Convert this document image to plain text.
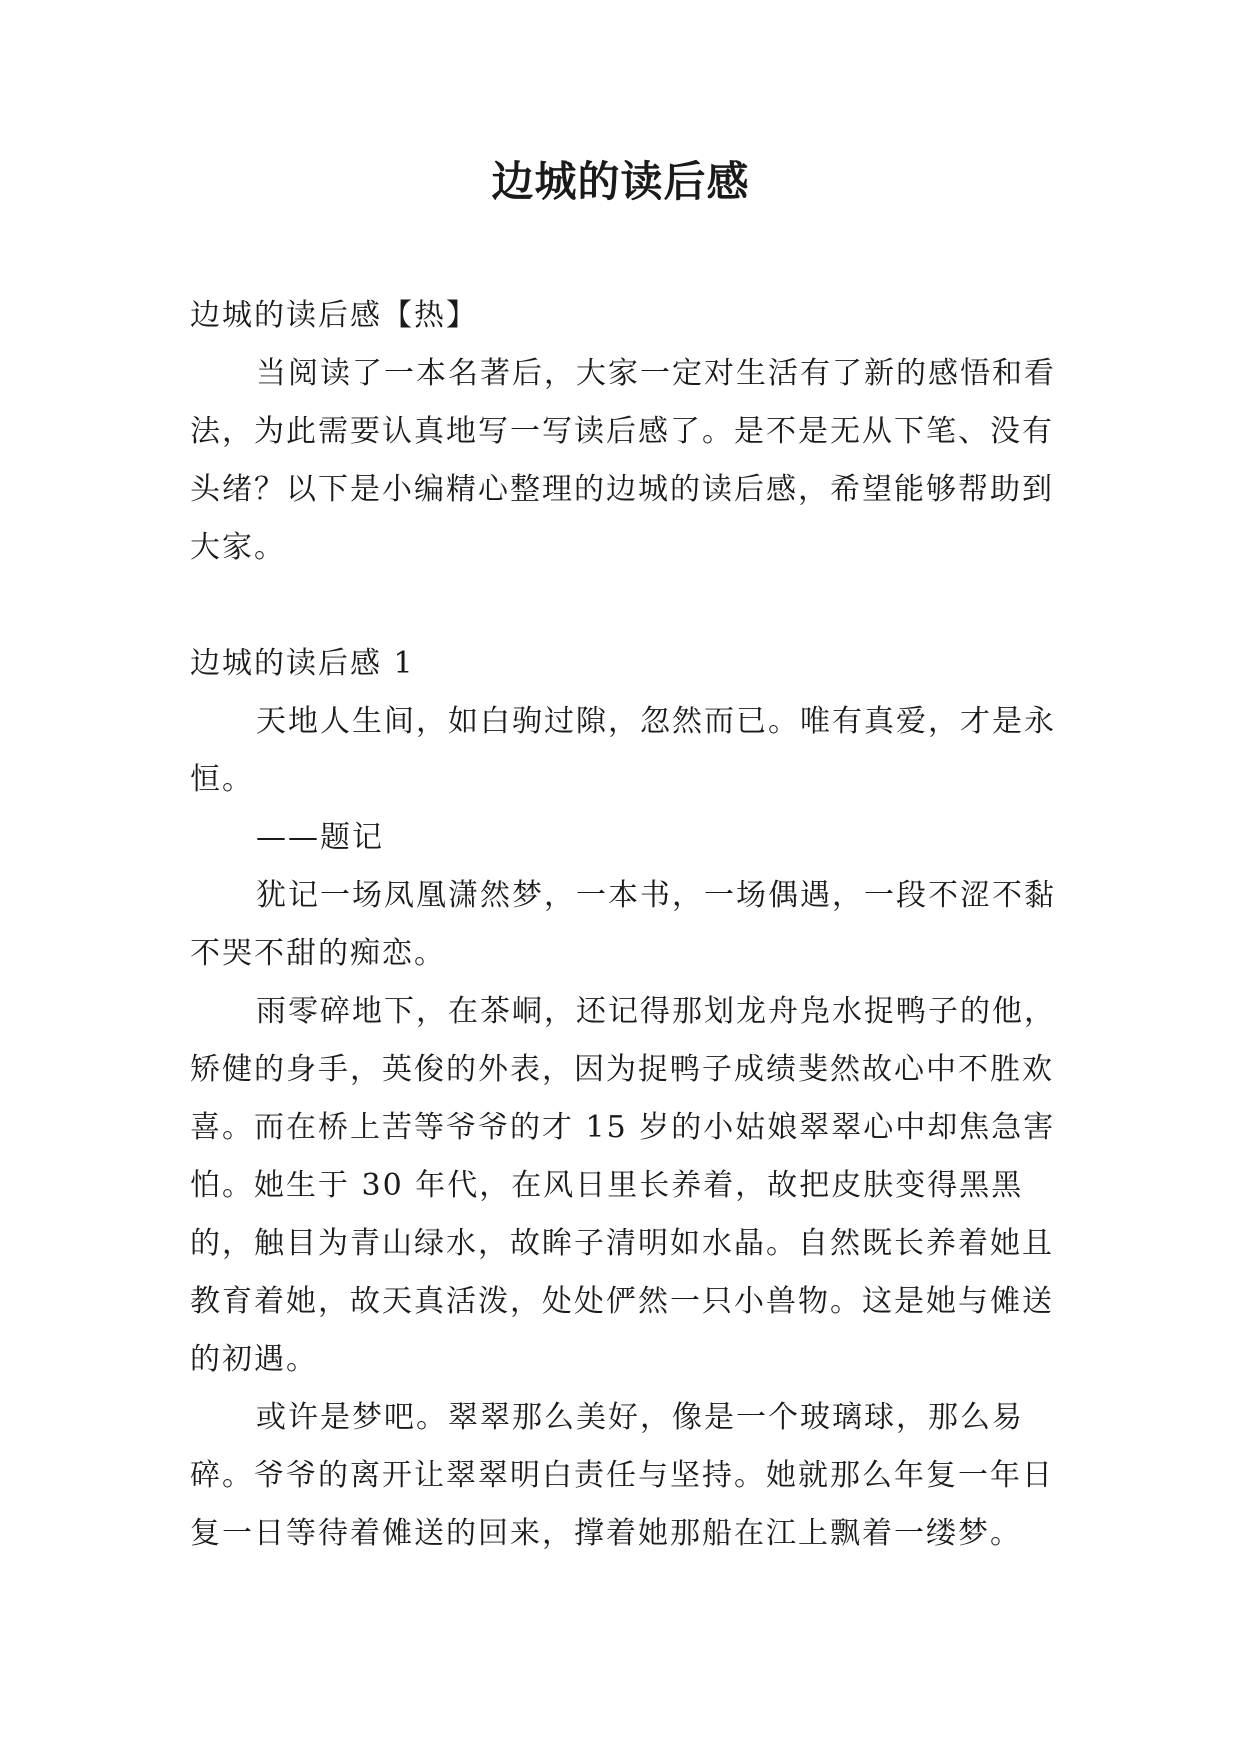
边城的读后感

边城的读后感【热】

当阅读了一本名著后，大家一定对生活有了新的感悟和看法，为此需要认真地写一写读后感了。是不是无从下笔、没有头绪？以下是小编精心整理的边城的读后感，希望能够帮助到大家。

边城的读后感 1

天地人生间，如白驹过隙，忽然而已。唯有真爱，才是永恒。

——题记

犹记一场凤凰潇然梦，一本书，一场偶遇，一段不涩不黏不哭不甜的痴恋。

雨零碎地下，在茶峒，还记得那划龙舟凫水捉鸭子的他，矫健的身手，英俊的外表，因为捉鸭子成绩斐然故心中不胜欢喜。而在桥上苦等爷爷的才 15 岁的小姑娘翠翠心中却焦急害怕。她生于 30 年代，在风日里长养着，故把皮肤变得黑黑的，触目为青山绿水，故眸子清明如水晶。自然既长养着她且教育着她，故天真活泼，处处俨然一只小兽物。这是她与傩送的初遇。

或许是梦吧。翠翠那么美好，像是一个玻璃球，那么易碎。爷爷的离开让翠翠明白责任与坚持。她就那么年复一年日复一日等待着傩送的回来，撑着她那船在江上飘着一缕梦。
